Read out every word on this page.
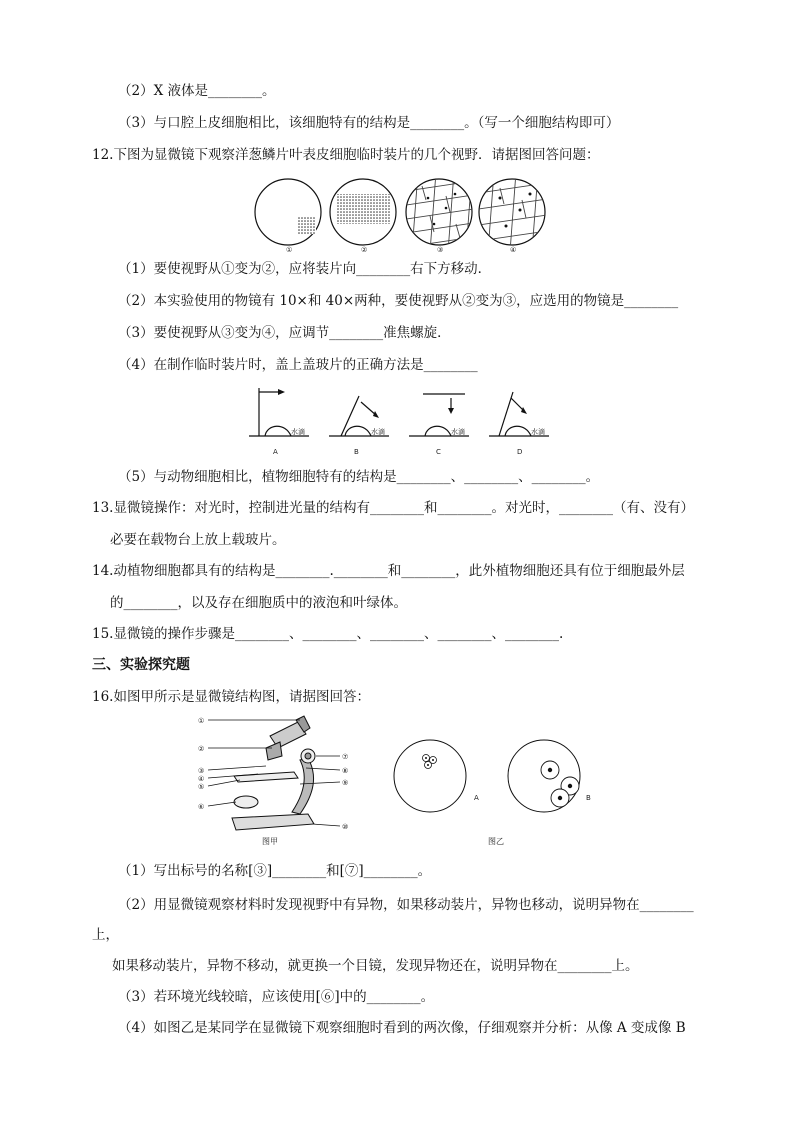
（2）X 液体是________。
（3）与口腔上皮细胞相比，该细胞特有的结构是________。（写一个细胞结构即可）
12.下图为显微镜下观察洋葱鳞片叶表皮细胞临时装片的几个视野．请据图回答问题：
①	②	③	④
（1）要使视野从①变为②，应将装片向________右下方移动．
（2）本实验使用的物镜有 10×和 40×两种，要使视野从②变为③，应选用的物镜是________
（3）要使视野从③变为④，应调节________准焦螺旋．
（4）在制作临时装片时，盖上盖玻片的正确方法是________
水滴	水滴	水滴	水滴
A	B	C	D
（5）与动物细胞相比，植物细胞特有的结构是________、________、________。
13.显微镜操作：对光时，控制进光量的结构有________和________。对光时，________（有、没有）
必要在载物台上放上载玻片。
14.动植物细胞都具有的结构是________.________和________，此外植物细胞还具有位于细胞最外层
的________，以及存在细胞质中的液泡和叶绿体。
15.显微镜的操作步骤是________、________、________、________、________.
三、实验探究题
16.如图甲所示是显微镜结构图，请据图回答：
①
②
③
④
⑤
⑥
⑦
⑧
⑨
⑩
图甲
A	B
图乙
（1）写出标号的名称[③]________和[⑦]________。
（2）用显微镜观察材料时发现视野中有异物，如果移动装片，异物也移动，说明异物在________
上，
如果移动装片，异物不移动，就更换一个目镜，发现异物还在，说明异物在________上。
（3）若环境光线较暗，应该使用[⑥]中的________。
（4）如图乙是某同学在显微镜下观察细胞时看到的两次像，仔细观察并分析：从像 A 变成像 B
